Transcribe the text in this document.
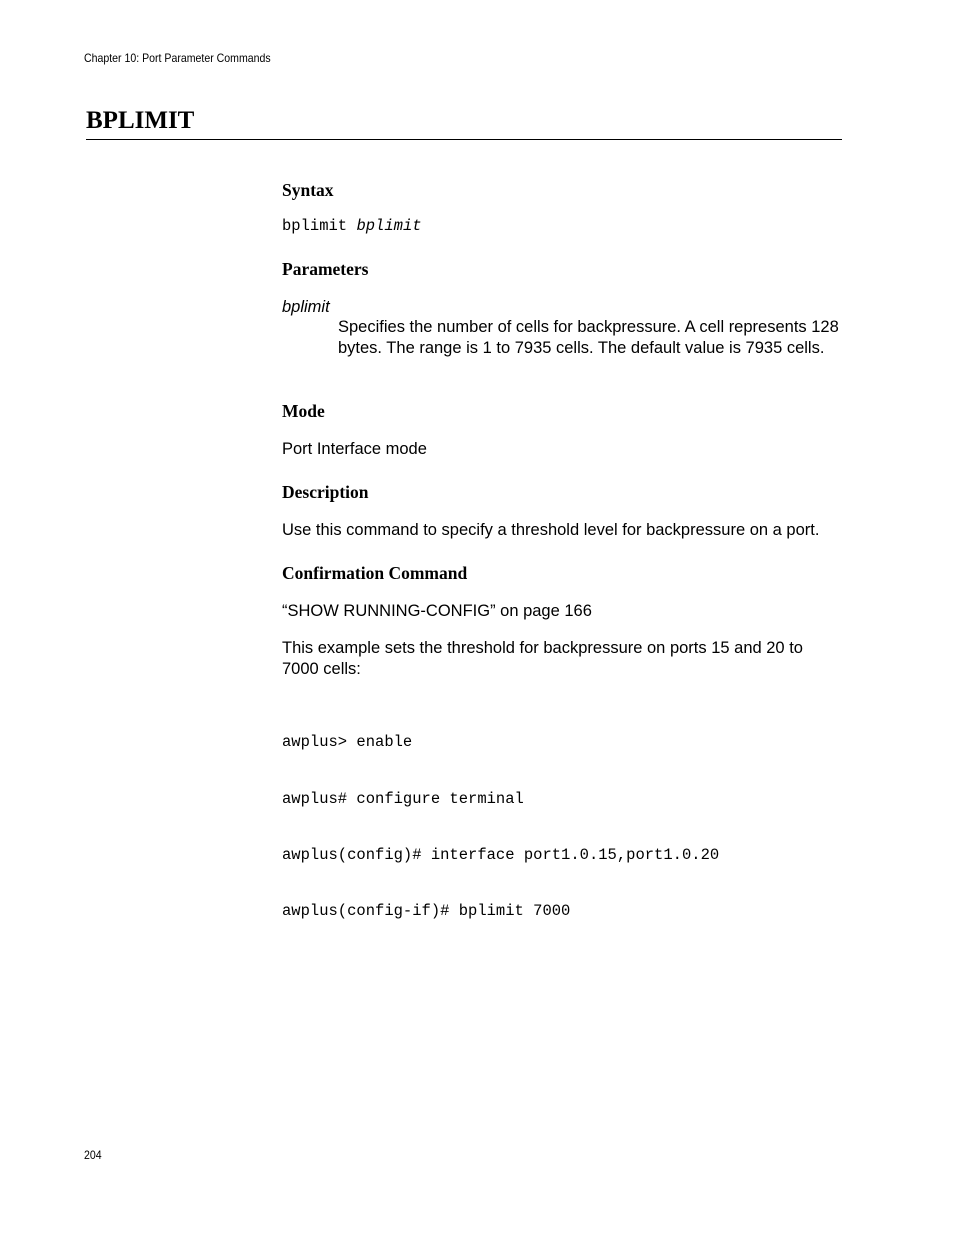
Chapter 10: Port Parameter Commands
BPLIMIT
Syntax
bplimit bplimit
Parameters
bplimit

Specifies the number of cells for backpressure. A cell represents 128 bytes. The range is 1 to 7935 cells. The default value is 7935 cells.

Mode

Port Interface mode

Description

Use this command to specify a threshold level for backpressure on a port.

Confirmation Command

“SHOW RUNNING-CONFIG” on page 166

This example sets the threshold for backpressure on ports 15 and 20 to 7000 cells:

awplus> enable

awplus# configure terminal

awplus(config)# interface port1.0.15,port1.0.20

awplus(config-if)# bplimit 7000

204
